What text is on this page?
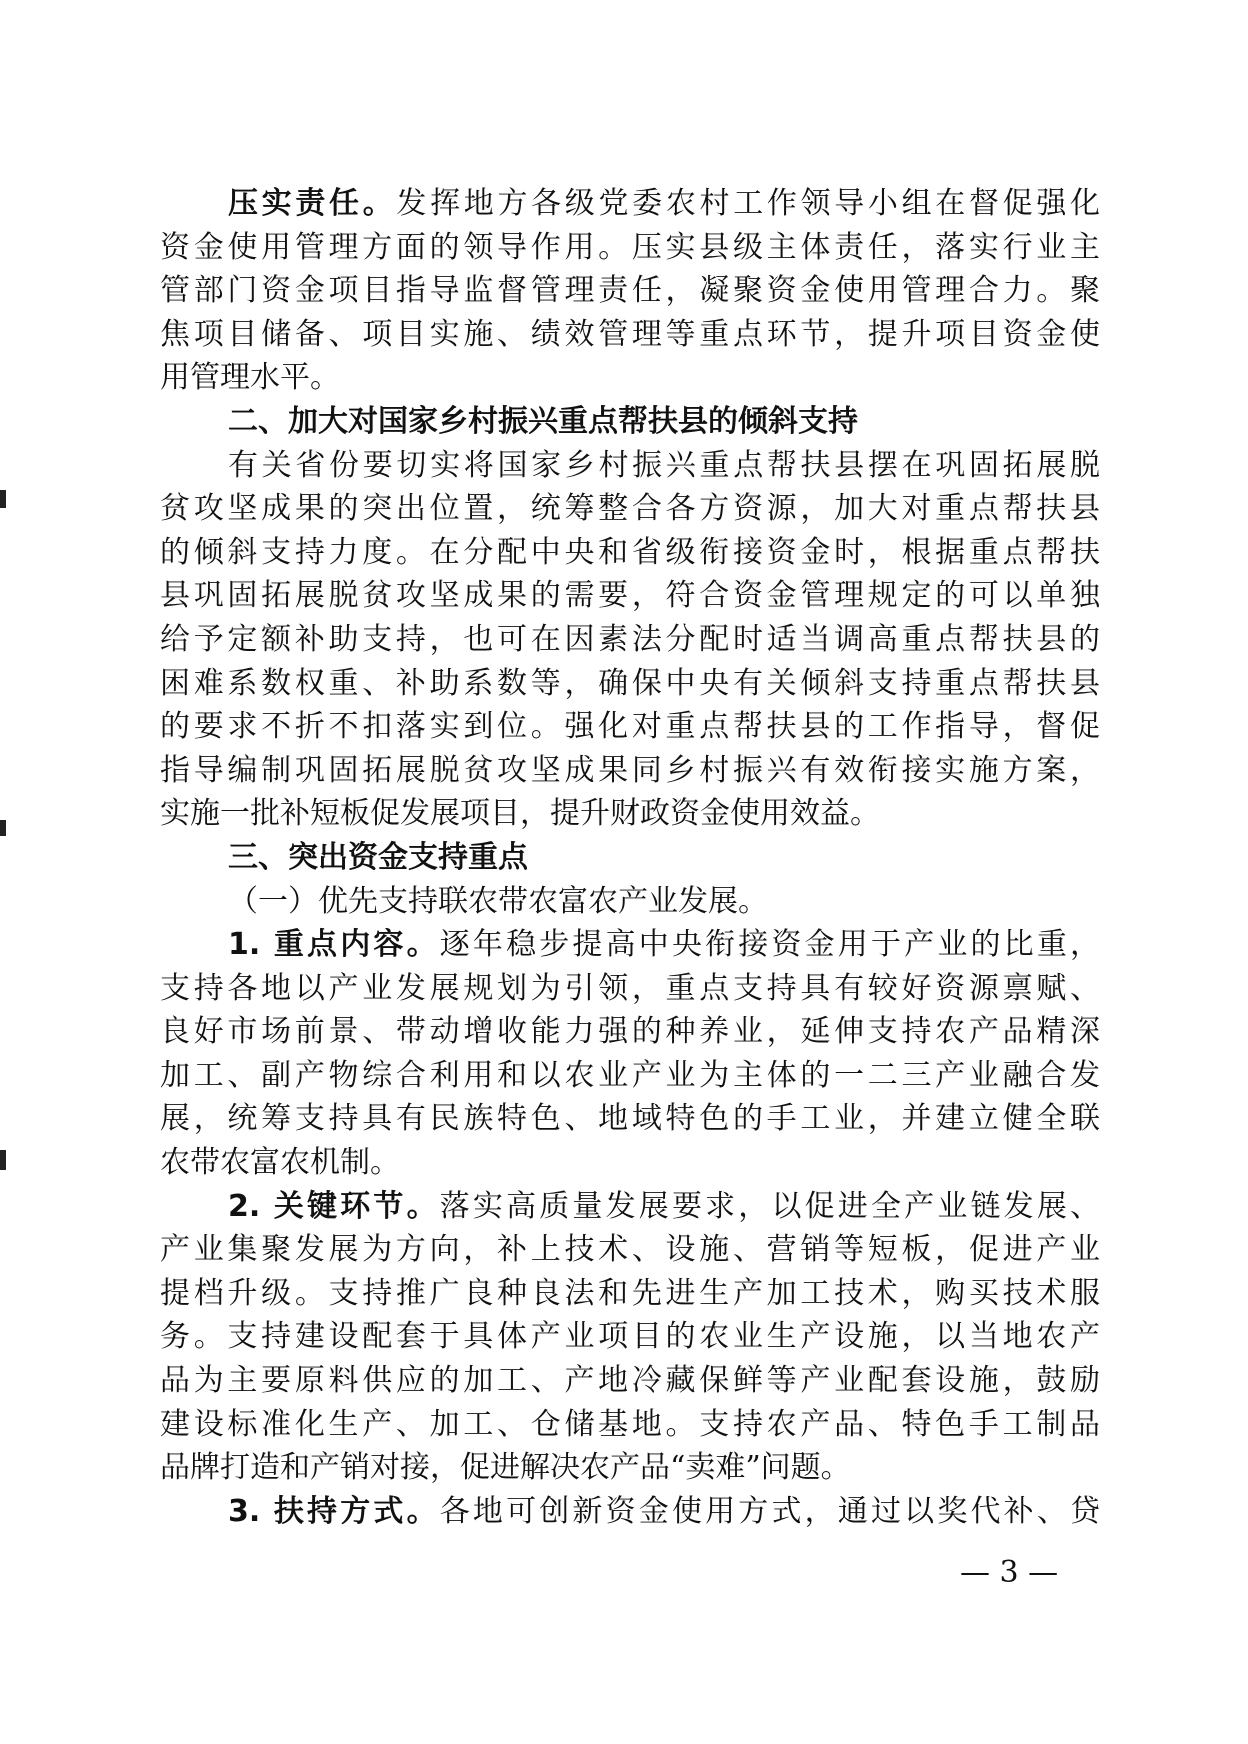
压实责任。发挥地方各级党委农村工作领导小组在督促强化
资金使用管理方面的领导作用。压实县级主体责任，落实行业主
管部门资金项目指导监督管理责任，凝聚资金使用管理合力。聚
焦项目储备、项目实施、绩效管理等重点环节，提升项目资金使
用管理水平。
二、加大对国家乡村振兴重点帮扶县的倾斜支持
有关省份要切实将国家乡村振兴重点帮扶县摆在巩固拓展脱
贫攻坚成果的突出位置，统筹整合各方资源，加大对重点帮扶县
的倾斜支持力度。在分配中央和省级衔接资金时，根据重点帮扶
县巩固拓展脱贫攻坚成果的需要，符合资金管理规定的可以单独
给予定额补助支持，也可在因素法分配时适当调高重点帮扶县的
困难系数权重、补助系数等，确保中央有关倾斜支持重点帮扶县
的要求不折不扣落实到位。强化对重点帮扶县的工作指导，督促
指导编制巩固拓展脱贫攻坚成果同乡村振兴有效衔接实施方案，
实施一批补短板促发展项目，提升财政资金使用效益。
三、突出资金支持重点
（一）优先支持联农带农富农产业发展。
1. 重点内容。逐年稳步提高中央衔接资金用于产业的比重，
支持各地以产业发展规划为引领，重点支持具有较好资源禀赋、
良好市场前景、带动增收能力强的种养业，延伸支持农产品精深
加工、副产物综合利用和以农业产业为主体的一二三产业融合发
展，统筹支持具有民族特色、地域特色的手工业，并建立健全联
农带农富农机制。
2. 关键环节。落实高质量发展要求，以促进全产业链发展、
产业集聚发展为方向，补上技术、设施、营销等短板，促进产业
提档升级。支持推广良种良法和先进生产加工技术，购买技术服
务。支持建设配套于具体产业项目的农业生产设施，以当地农产
品为主要原料供应的加工、产地冷藏保鲜等产业配套设施，鼓励
建设标准化生产、加工、仓储基地。支持农产品、特色手工制品
品牌打造和产销对接，促进解决农产品“卖难”问题。
3. 扶持方式。各地可创新资金使用方式，通过以奖代补、贷
— 3 —
